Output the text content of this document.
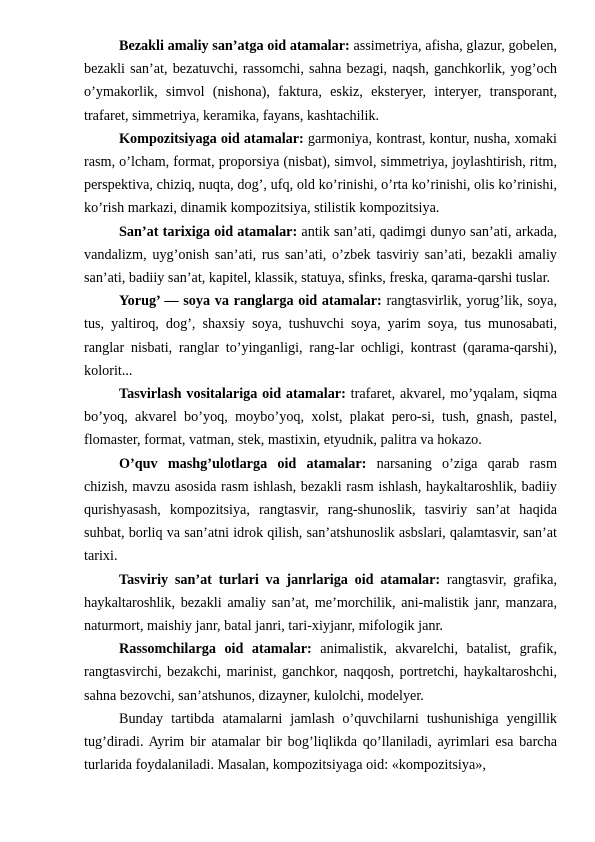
Bezakli amaliy san’atga oid atamalar: assimetriya, afisha, glazur, gobelen, bezakli san’at, bezatuvchi, rassomchi, sahna bezagi, naqsh, ganchkorlik, yog’och o’ymakorlik, simvol (nishona), faktura, eskiz, eksteryer, interyer, transporant, trafaret, simmetriya, keramika, fayans, kashtachilik.

Kompozitsiyaga oid atamalar: garmoniya, kontrast, kontur, nusha, xomaki rasm, o’lcham, format, proporsiya (nisbat), simvol, simmetriya, joylashtirish, ritm, perspektiva, chiziq, nuqta, dog’, ufq, old ko’rinishi, o’rta ko’rinishi, olis ko’rinishi, ko’rish markazi, dinamik kompozitsiya, stilistik kompozitsiya.

San’at tarixiga oid atamalar: antik san’ati, qadimgi dunyo san’ati, arkada, vandalizm, uyg’onish san’ati, rus san’ati, o’zbek tasviriy san’ati, bezakli amaliy san’ati, badiiy san’at, kapitel, klassik, statuya, sfinks, freska, qarama-qarshi tuslar.

Yorug’ — soya va ranglarga oid atamalar: rangtasvirlik, yorug’lik, soya, tus, yaltiroq, dog’, shaxsiy soya, tushuvchi soya, yarim soya, tus munosabati, ranglar nisbati, ranglar to’yinganligi, rang-lar ochligi, kontrast (qarama-qarshi), kolorit...

Tasvirlash vositalariga oid atamalar: trafaret, akvarel, mo’yqalam, siqma bo’yoq, akvarel bo’yoq, moybo’yoq, xolst, plakat pero-si, tush, gnash, pastel, flomaster, format, vatman, stek, mastixin, etyudnik, palitra va hokazo.

O’quv mashg’ulotlarga oid atamalar: narsaning o’ziga qarab rasm chizish, mavzu asosida rasm ishlash, bezakli rasm ishlash, haykaltaroshlik, badiiy qurishyasash, kompozitsiya, rangtasvir, rang-shunoslik, tasviriy san’at haqida suhbat, borliq va san’atni idrok qilish, san’atshunoslik asbslari, qalamtasvir, san’at tarixi.

Tasviriy san’at turlari va janrlariga oid atamalar: rangtasvir, grafika, haykaltaroshlik, bezakli amaliy san’at, me’morchilik, ani-malistik janr, manzara, naturmort, maishiy janr, batal janri, tari-xiyjanr, mifologik janr.

Rassomchilarga oid atamalar: animalistik, akvarelchi, batalist, grafik, rangtasvirchi, bezakchi, marinist, ganchkor, naqqosh, portretchi, haykaltaroshchi, sahna bezovchi, san’atshunos, dizayner, kulolchi, modelyer.

Bunday tartibda atamalarni jamlash o’quvchilarni tushunishiga yengillik tug’diradi. Ayrim bir atamalar bir bog’liqlikda qo’llaniladi, ayrimlari esa barcha turlarida foydalaniladi. Masalan, kompozitsiyaga oid: «kompozitsiya»,
